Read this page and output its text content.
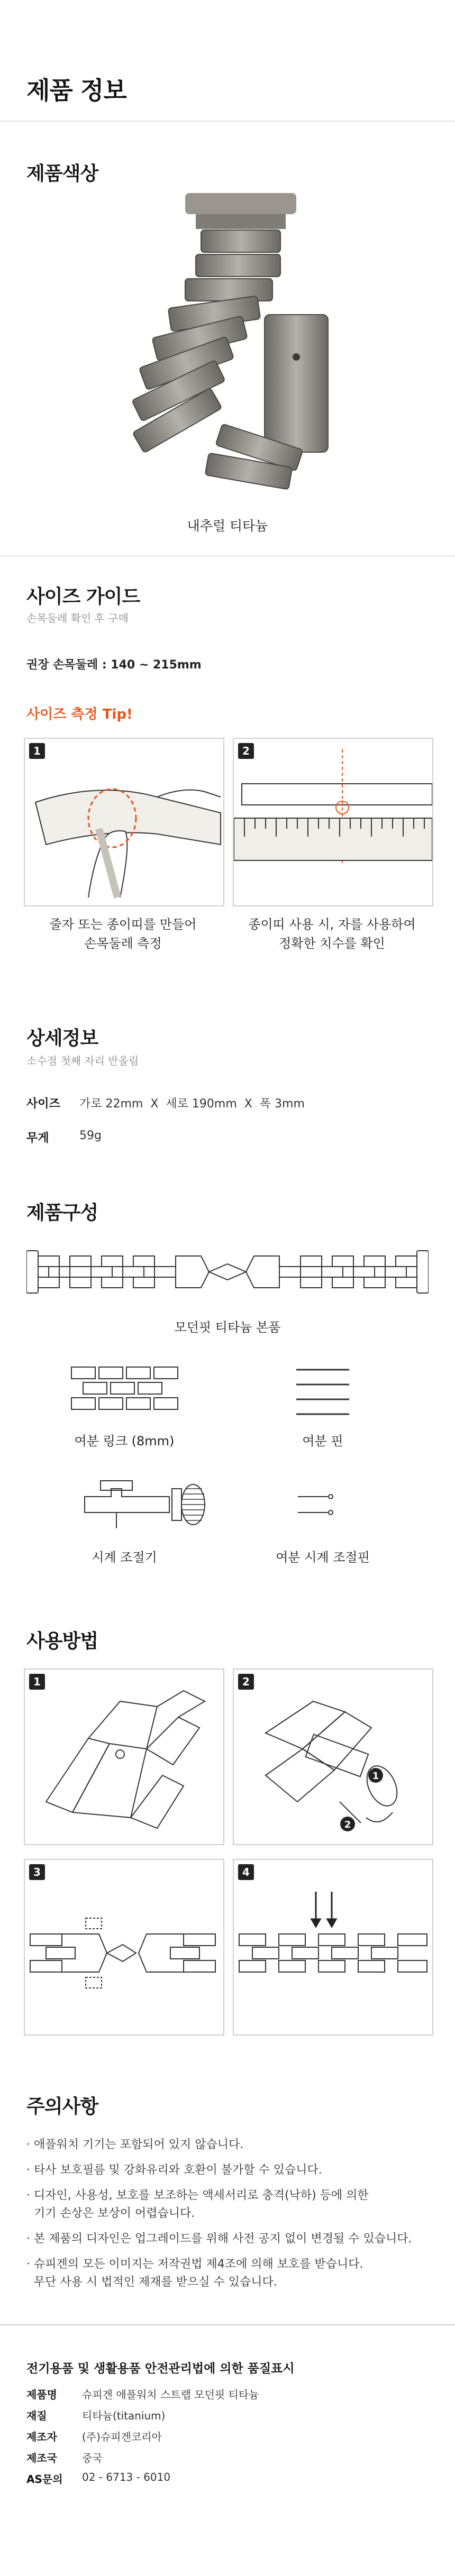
제품 정보
제품색상
내추럴 티타늄
사이즈 가이드
손목둘레 확인 후 구매
권장 손목둘레 : 140 ~ 215mm
사이즈 측정 Tip!
1	2
줄자 또는 종이띠를 만들어
손목둘레 측정
종이띠 사용 시, 자를 사용하여
정확한 치수를 확인
상세정보
소수점 첫째 자리 반올림
사이즈 가로 22mm  X  세로 190mm  X  폭 3mm
무게	59g
제품구성
모던핏 티타늄 본품
여분 링크 (8mm)	여분 핀
시계 조절기	여분 시계 조절핀
사용방법
1
1
2
2
3	4
주의사항
· 애플워치 기기는 포함되어 있지 않습니다.
· 타사 보호필름 및 강화유리와 호환이 불가할 수 있습니다.
· 디자인, 사용성, 보호를 보조하는 액세서리로 충격(낙하) 등에 의한
기기 손상은 보상이 어렵습니다.
· 본 제품의 디자인은 업그레이드를 위해 사전 공지 없이 변경될 수 있습니다.
· 슈피겐의 모든 이미지는 저작권법 제4조에 의해 보호를 받습니다.
무단 사용 시 법적인 제재를 받으실 수 있습니다.
전기용품 및 생활용품 안전관리법에 의한 품질표시
제품명 슈피겐 애플워치 스트랩 모던핏 티타늄
재질	티타늄(titanium)
제조자 (주)슈피겐코리아
제조국 중국
AS문의 02 - 6713 - 6010
